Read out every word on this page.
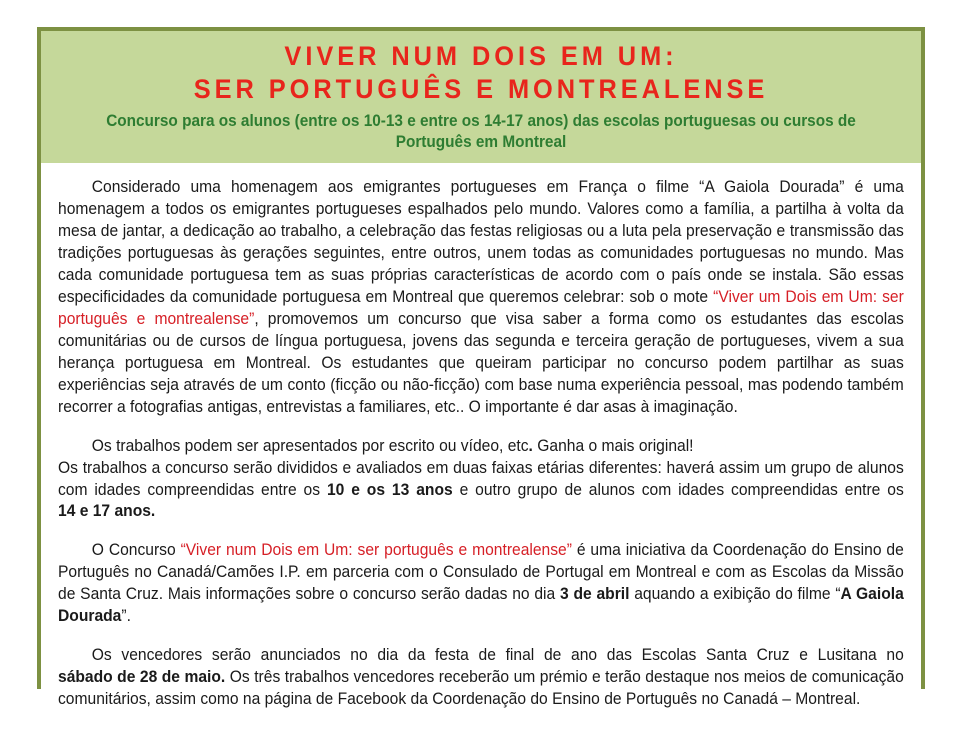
VIVER NUM DOIS EM UM:
SER PORTUGUÊS E MONTREALENSE
Concurso para os alunos (entre os 10-13 e entre os 14-17 anos) das escolas portuguesas ou cursos de Português em Montreal

Considerado uma homenagem aos emigrantes portugueses em França o filme “A Gaiola Dourada” é uma homenagem a todos os emigrantes portugueses espalhados pelo mundo. Valores como a família, a partilha à volta da mesa de jantar, a dedicação ao trabalho, a celebração das festas religiosas ou a luta pela preservação e transmissão das tradições portuguesas às gerações seguintes, entre outros, unem todas as comunidades portuguesas no mundo. Mas cada comunidade portuguesa tem as suas próprias características de acordo com o país onde se instala. São essas especificidades da comunidade portuguesa em Montreal que queremos celebrar: sob o mote “Viver um Dois em Um: ser português e montrealense”, promovemos um concurso que visa saber a forma como os estudantes das escolas comunitárias ou de cursos de língua portuguesa, jovens das segunda e terceira geração de portugueses, vivem a sua herança portuguesa em Montreal. Os estudantes que queiram participar no concurso podem partilhar as suas experiências seja através de um conto (ficção ou não-ficção) com base numa experiência pessoal, mas podendo também recorrer a fotografias antigas, entrevistas a familiares, etc.. O importante é dar asas à imaginação.

Os trabalhos podem ser apresentados por escrito ou vídeo, etc. Ganha o mais original!

Os trabalhos a concurso serão divididos e avaliados em duas faixas etárias diferentes: haverá assim um grupo de alunos com idades compreendidas entre os 10 e os 13 anos e outro grupo de alunos com idades compreendidas entre os 14 e 17 anos.

O Concurso “Viver num Dois em Um: ser português e montrealense” é uma iniciativa da Coordenação do Ensino de Português no Canadá/Camões I.P. em parceria com o Consulado de Portugal em Montreal e com as Escolas da Missão de Santa Cruz. Mais informações sobre o concurso serão dadas no dia 3 de abril aquando a exibição do filme “A Gaiola Dourada”.

Os vencedores serão anunciados no dia da festa de final de ano das Escolas Santa Cruz e Lusitana no sábado de 28 de maio. Os três trabalhos vencedores receberão um prémio e terão destaque nos meios de comunicação comunitários, assim como na página de Facebook da Coordenação do Ensino de Português no Canadá – Montreal.
